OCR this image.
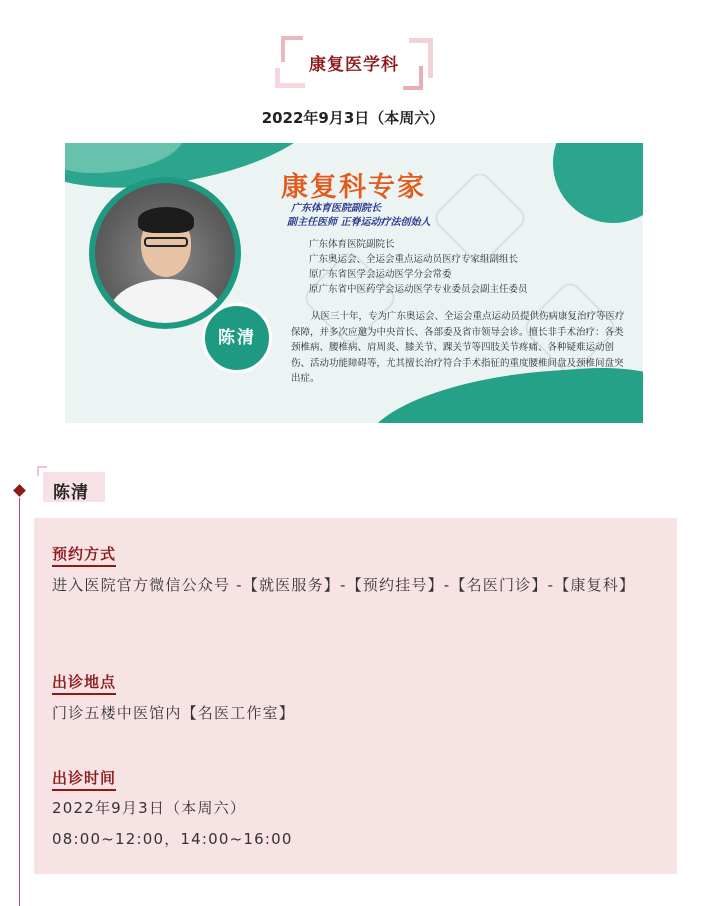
康复医学科
2022年9月3日（本周六）
陈清
康复科专家
广东体育医院副院长
副主任医师 正脊运动疗法创始人
广东体育医院副院长
广东奥运会、全运会重点运动员医疗专家组副组长
原广东省医学会运动医学分会常委
原广东省中医药学会运动医学专业委员会副主任委员
从医三十年，专为广东奥运会、全运会重点运动员提供伤病康复治疗等医疗保障，并多次应邀为中央首长、各部委及省市领导会诊。擅长非手术治疗：各类颈椎病、腰椎病、肩周炎、膝关节、踝关节等四肢关节疼痛、各种疑难运动创伤、活动功能障碍等，尤其擅长治疗符合手术指征的重度腰椎间盘及颈椎间盘突出症。
陈清
预约方式
进入医院官方微信公众号 -【就医服务】-【预约挂号】-【名医门诊】-【康复科】
出诊地点
门诊五楼中医馆内【名医工作室】
出诊时间
2022年9月3日（本周六）
08:00~12:00，14:00~16:00
